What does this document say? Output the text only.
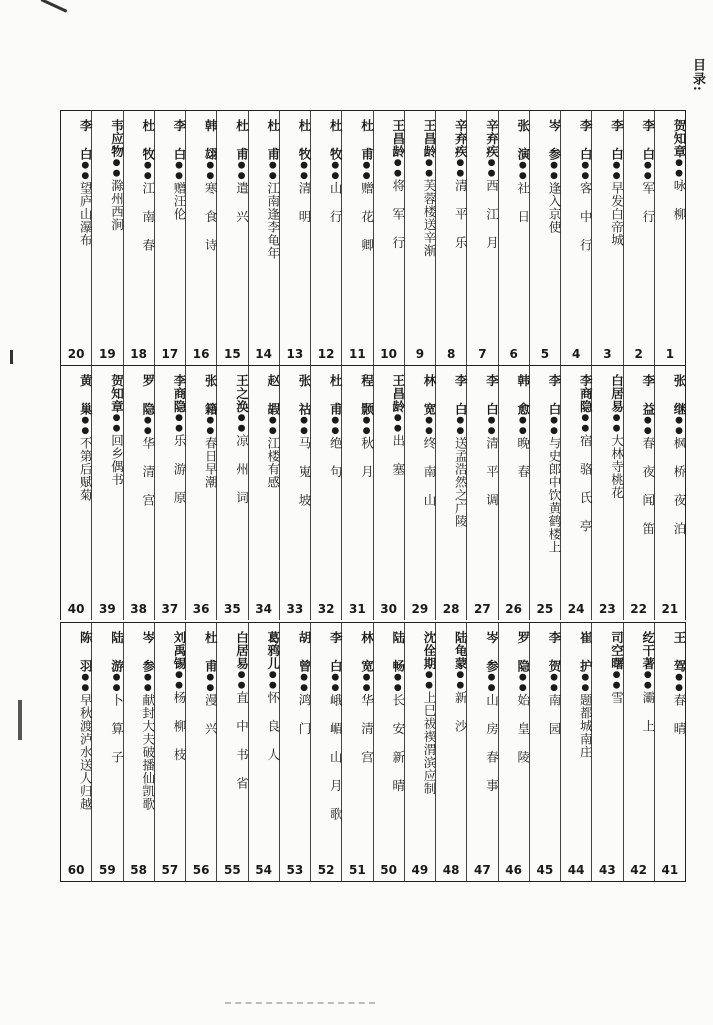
目录:
贺知章●●咏 柳
1
李 白●●军 行
2
李 白●●早发白帝城
3
李 白●●客 中 行
4
岑 参●●逢入京使
5
张 演●●社 日
6
辛弃疾●●西 江 月
7
辛弃疾●●清 平 乐
8
王昌龄●●芙蓉楼送辛渐
9
王昌龄●●将 军 行
10
杜 甫●●赠 花 卿
11
杜 牧●●山 行
12
杜 牧●●清 明
13
杜 甫●●江南逢李龟年
14
杜 甫●●遣 兴
15
韩 翃●●寒 食 诗
16
李 白●●赠汪伦
17
杜 牧●●江 南 春
18
韦应物●●滁州西涧
19
李 白●●望庐山瀑布
20
张 继●●枫 桥 夜 泊
21
李 益●●春 夜 闻 笛
22
白居易●●大林寺桃花
23
李商隐●●宿 骆 氏 亭
24
李 白●●与史郎中饮黄鹤楼上
25
韩 愈●●晚 春
26
李 白●●清 平 调
27
李 白●●送孟浩然之广陵
28
林 宽●●终 南 山
29
王昌龄●●出 塞
30
程 颢●●秋 月
31
杜 甫●●绝 句
32
张 祜●●马 嵬 坡
33
赵 嘏●●江楼有感
34
王之涣●●凉 州 词
35
张 籍●●春日早潮
36
李商隐●●乐 游 原
37
罗 隐●●华 清 宫
38
贺知章●●回乡偶书
39
黄 巢●●不第后赋菊
40
王 驾●●春 晴
41
纥干著●●灞 上
42
司空曙●●雪
43
崔 护●●题都城南庄
44
李 贺●●南 园
45
罗 隐●●始 皇 陵
46
岑 参●●山 房 春 事
47
陆龟蒙●●新 沙
48
沈佺期●●上巳祓禊渭滨应制
49
陆 畅●●长 安 新 晴
50
林 宽●●华 清 宫
51
李 白●●峨 嵋 山 月 歌
52
胡 曾●●鸿 门
53
葛鸦儿●●怀 良 人
54
白居易●●直 中 书 省
55
杜 甫●●漫 兴
56
刘禹锡●●杨 柳 枝
57
岑 参●●献封大夫破播仙凯歌
58
陆 游●●卜 算 子
59
陈 羽●●早秋渡泸水送人归越
60
